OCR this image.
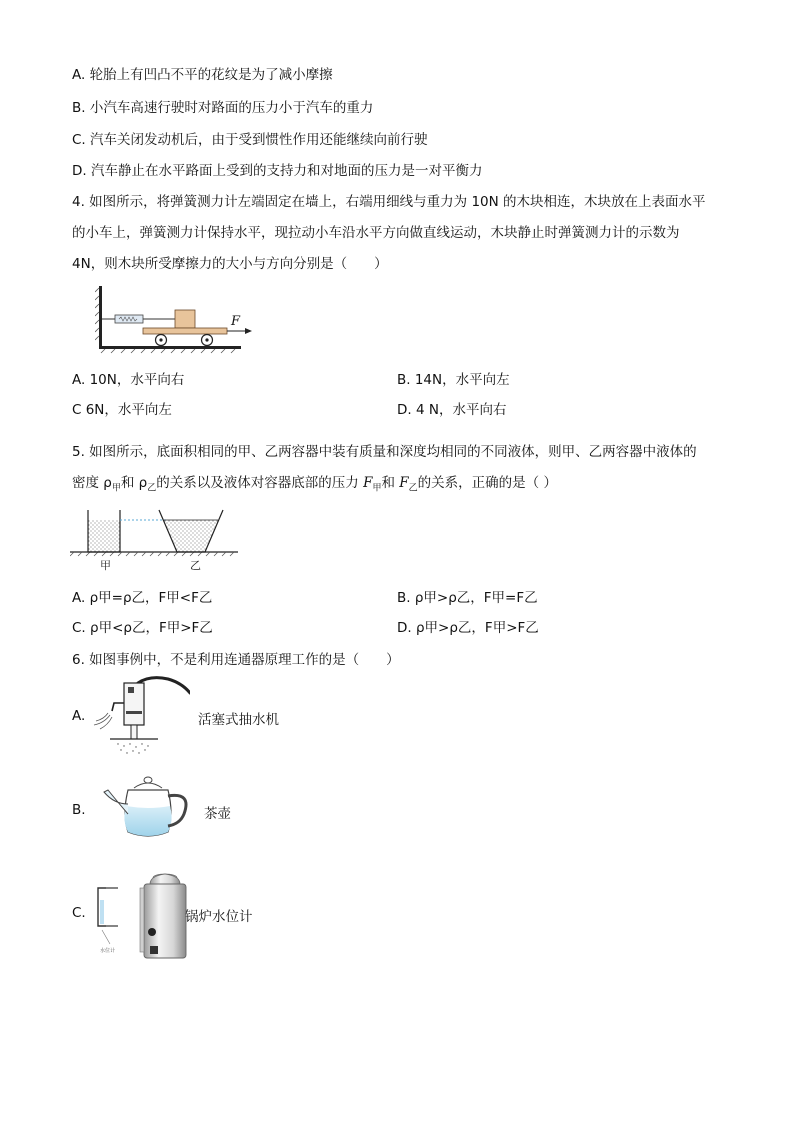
A. 轮胎上有凹凸不平的花纹是为了减小摩擦
B. 小汽车高速行驶时对路面的压力小于汽车的重力
C. 汽车关闭发动机后，由于受到惯性作用还能继续向前行驶
D. 汽车静止在水平路面上受到的支持力和对地面的压力是一对平衡力
4. 如图所示，将弹簧测力计左端固定在墙上，右端用细线与重力为 10N 的木块相连，木块放在上表面水平
的小车上，弹簧测力计保持水平，现拉动小车沿水平方向做直线运动，木块静止时弹簧测力计的示数为
4N，则木块所受摩擦力的大小与方向分别是（　　）
F
A. 10N，水平向右	B. 14N，水平向左
C 6N，水平向左	D. 4 N，水平向右
5. 如图所示，底面积相同的甲、乙两容器中装有质量和深度均相同的不同液体，则甲、乙两容器中液体的
密度 $\rho_甲$和 $\rho_乙$的关系以及液体对容器底部的压力 $F_甲$和 $F_乙$的关系，正确的是（ ）
甲	乙
A. ρ甲=ρ乙，F甲<F乙	B. ρ甲>ρ乙，F甲=F乙
C. ρ甲<ρ乙，F甲>F乙	D. ρ甲>ρ乙，F甲>F乙
6. 如图事例中，不是利用连通器原理工作的是（　　）
A.	活塞式抽水机
B.	茶壶
C.
水位计
锅炉水位计
